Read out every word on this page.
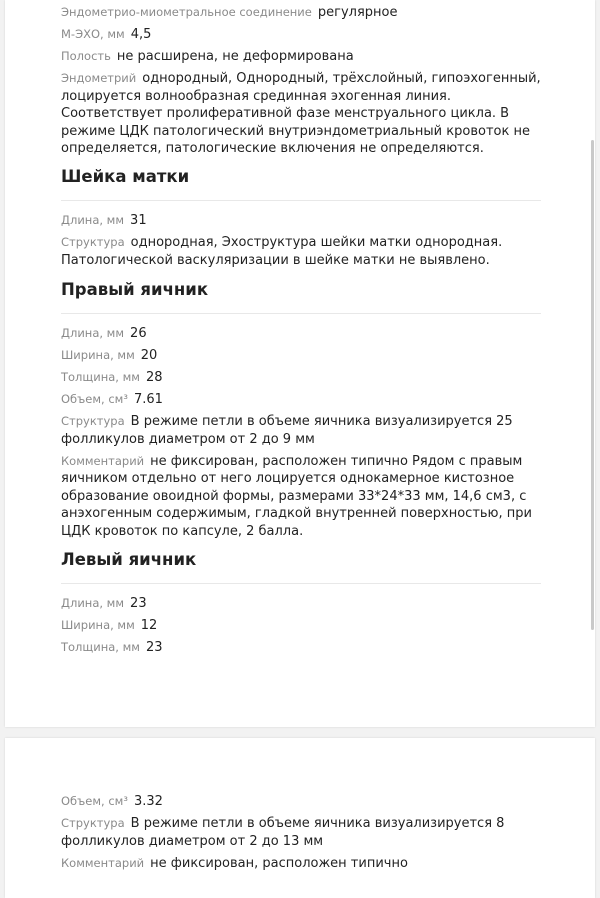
Эндометрио-миометральное соединение регулярное

М-ЭХО, мм 4,5

Полость не расширена, не деформирована

Эндометрий однородный, Однородный, трёхслойный, гипоэхогенный, лоцируется волнообразная срединная эхогенная линия. Соответствует пролиферативной фазе менструального цикла. В режиме ЦДК патологический внутриэндометриальный кровоток не определяется, патологические включения не определяются.

Шейка матки

Длина, мм 31

Структура однородная, Эхоструктура шейки матки однородная. Патологической васкуляризации в шейке матки не выявлено.

Правый яичник

Длина, мм 26

Ширина, мм 20

Толщина, мм 28

Объем, см³ 7.61

Структура В режиме петли в объеме яичника визуализируется 25 фолликулов диаметром от 2 до 9 мм

Комментарий не фиксирован, расположен типично Рядом с правым яичником отдельно от него лоцируется однокамерное кистозное образование овоидной формы, размерами 33*24*33 мм, 14,6 см3, с анэхогенным содержимым, гладкой внутренней поверхностью, при ЦДК кровоток по капсуле, 2 балла.

Левый яичник

Длина, мм 23

Ширина, мм 12

Толщина, мм 23

Объем, см³ 3.32

Структура В режиме петли в объеме яичника визуализируется 8 фолликулов диаметром от 2 до 13 мм

Комментарий не фиксирован, расположен типично
